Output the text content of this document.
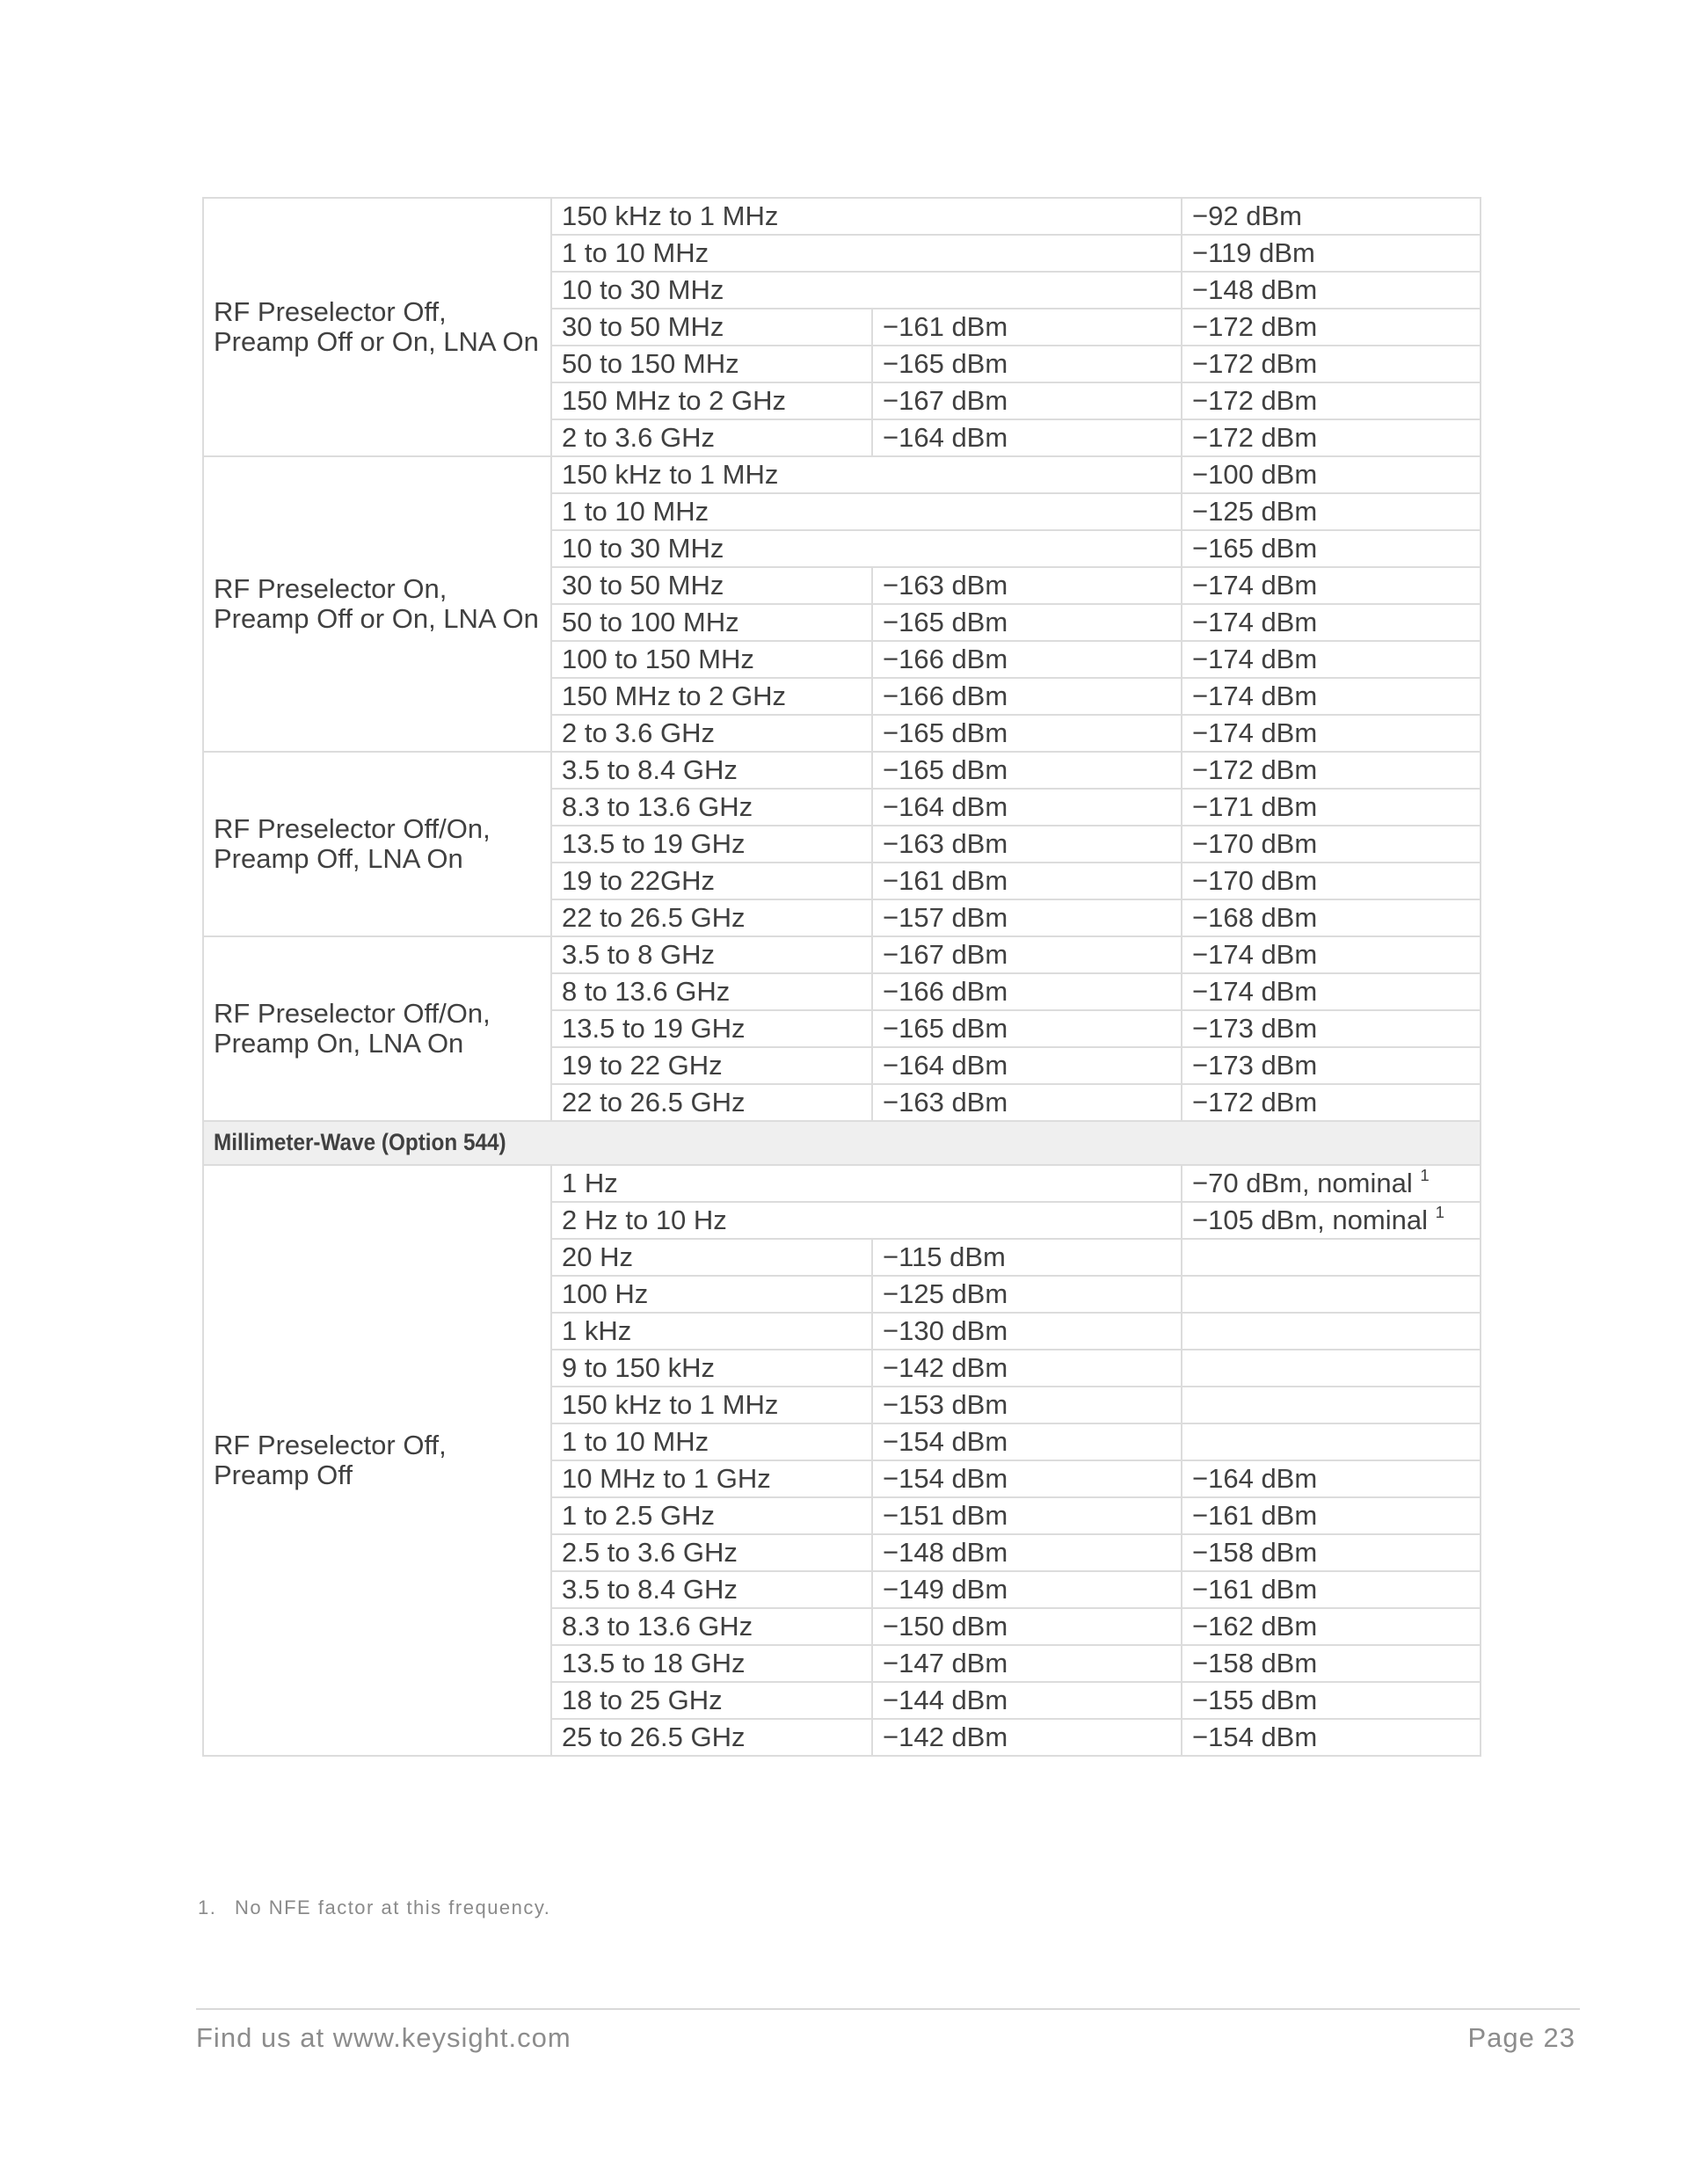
RF Preselector Off, Preamp Off or On, LNA On	150 kHz to 1 MHz		−92 dBm
	1 to 10 MHz		−119 dBm
	10 to 30 MHz		−148 dBm
	30 to 50 MHz	−161 dBm	−172 dBm
	50 to 150 MHz	−165 dBm	−172 dBm
	150 MHz to 2 GHz	−167 dBm	−172 dBm
	2 to 3.6 GHz	−164 dBm	−172 dBm
RF Preselector On, Preamp Off or On, LNA On	150 kHz to 1 MHz		−100 dBm
	1 to 10 MHz		−125 dBm
	10 to 30 MHz		−165 dBm
	30 to 50 MHz	−163 dBm	−174 dBm
	50 to 100 MHz	−165 dBm	−174 dBm
	100 to 150 MHz	−166 dBm	−174 dBm
	150 MHz to 2 GHz	−166 dBm	−174 dBm
	2 to 3.6 GHz	−165 dBm	−174 dBm
RF Preselector Off/On, Preamp Off, LNA On	3.5 to 8.4 GHz	−165 dBm	−172 dBm
	8.3 to 13.6 GHz	−164 dBm	−171 dBm
	13.5 to 19 GHz	−163 dBm	−170 dBm
	19 to 22GHz	−161 dBm	−170 dBm
	22 to 26.5 GHz	−157 dBm	−168 dBm
RF Preselector Off/On, Preamp On, LNA On	3.5 to 8 GHz	−167 dBm	−174 dBm
	8 to 13.6 GHz	−166 dBm	−174 dBm
	13.5 to 19 GHz	−165 dBm	−173 dBm
	19 to 22 GHz	−164 dBm	−173 dBm
	22 to 26.5 GHz	−163 dBm	−172 dBm
Millimeter-Wave (Option 544)			
RF Preselector Off, Preamp Off	1 Hz		−70 dBm, nominal $^1$
	2 Hz to 10 Hz		−105 dBm, nominal $^1$
	20 Hz	−115 dBm	
	100 Hz	−125 dBm	
	1 kHz	−130 dBm	
	9 to 150 kHz	−142 dBm	
	150 kHz to 1 MHz	−153 dBm	
	1 to 10 MHz	−154 dBm	
	10 MHz to 1 GHz	−154 dBm	−164 dBm
	1 to 2.5 GHz	−151 dBm	−161 dBm
	2.5 to 3.6 GHz	−148 dBm	−158 dBm
	3.5 to 8.4 GHz	−149 dBm	−161 dBm
	8.3 to 13.6 GHz	−150 dBm	−162 dBm
	13.5 to 18 GHz	−147 dBm	−158 dBm
	18 to 25 GHz	−144 dBm	−155 dBm
	25 to 26.5 GHz	−142 dBm	−154 dBm
1. No NFE factor at this frequency.
Find us at www.keysight.com	Page 23
